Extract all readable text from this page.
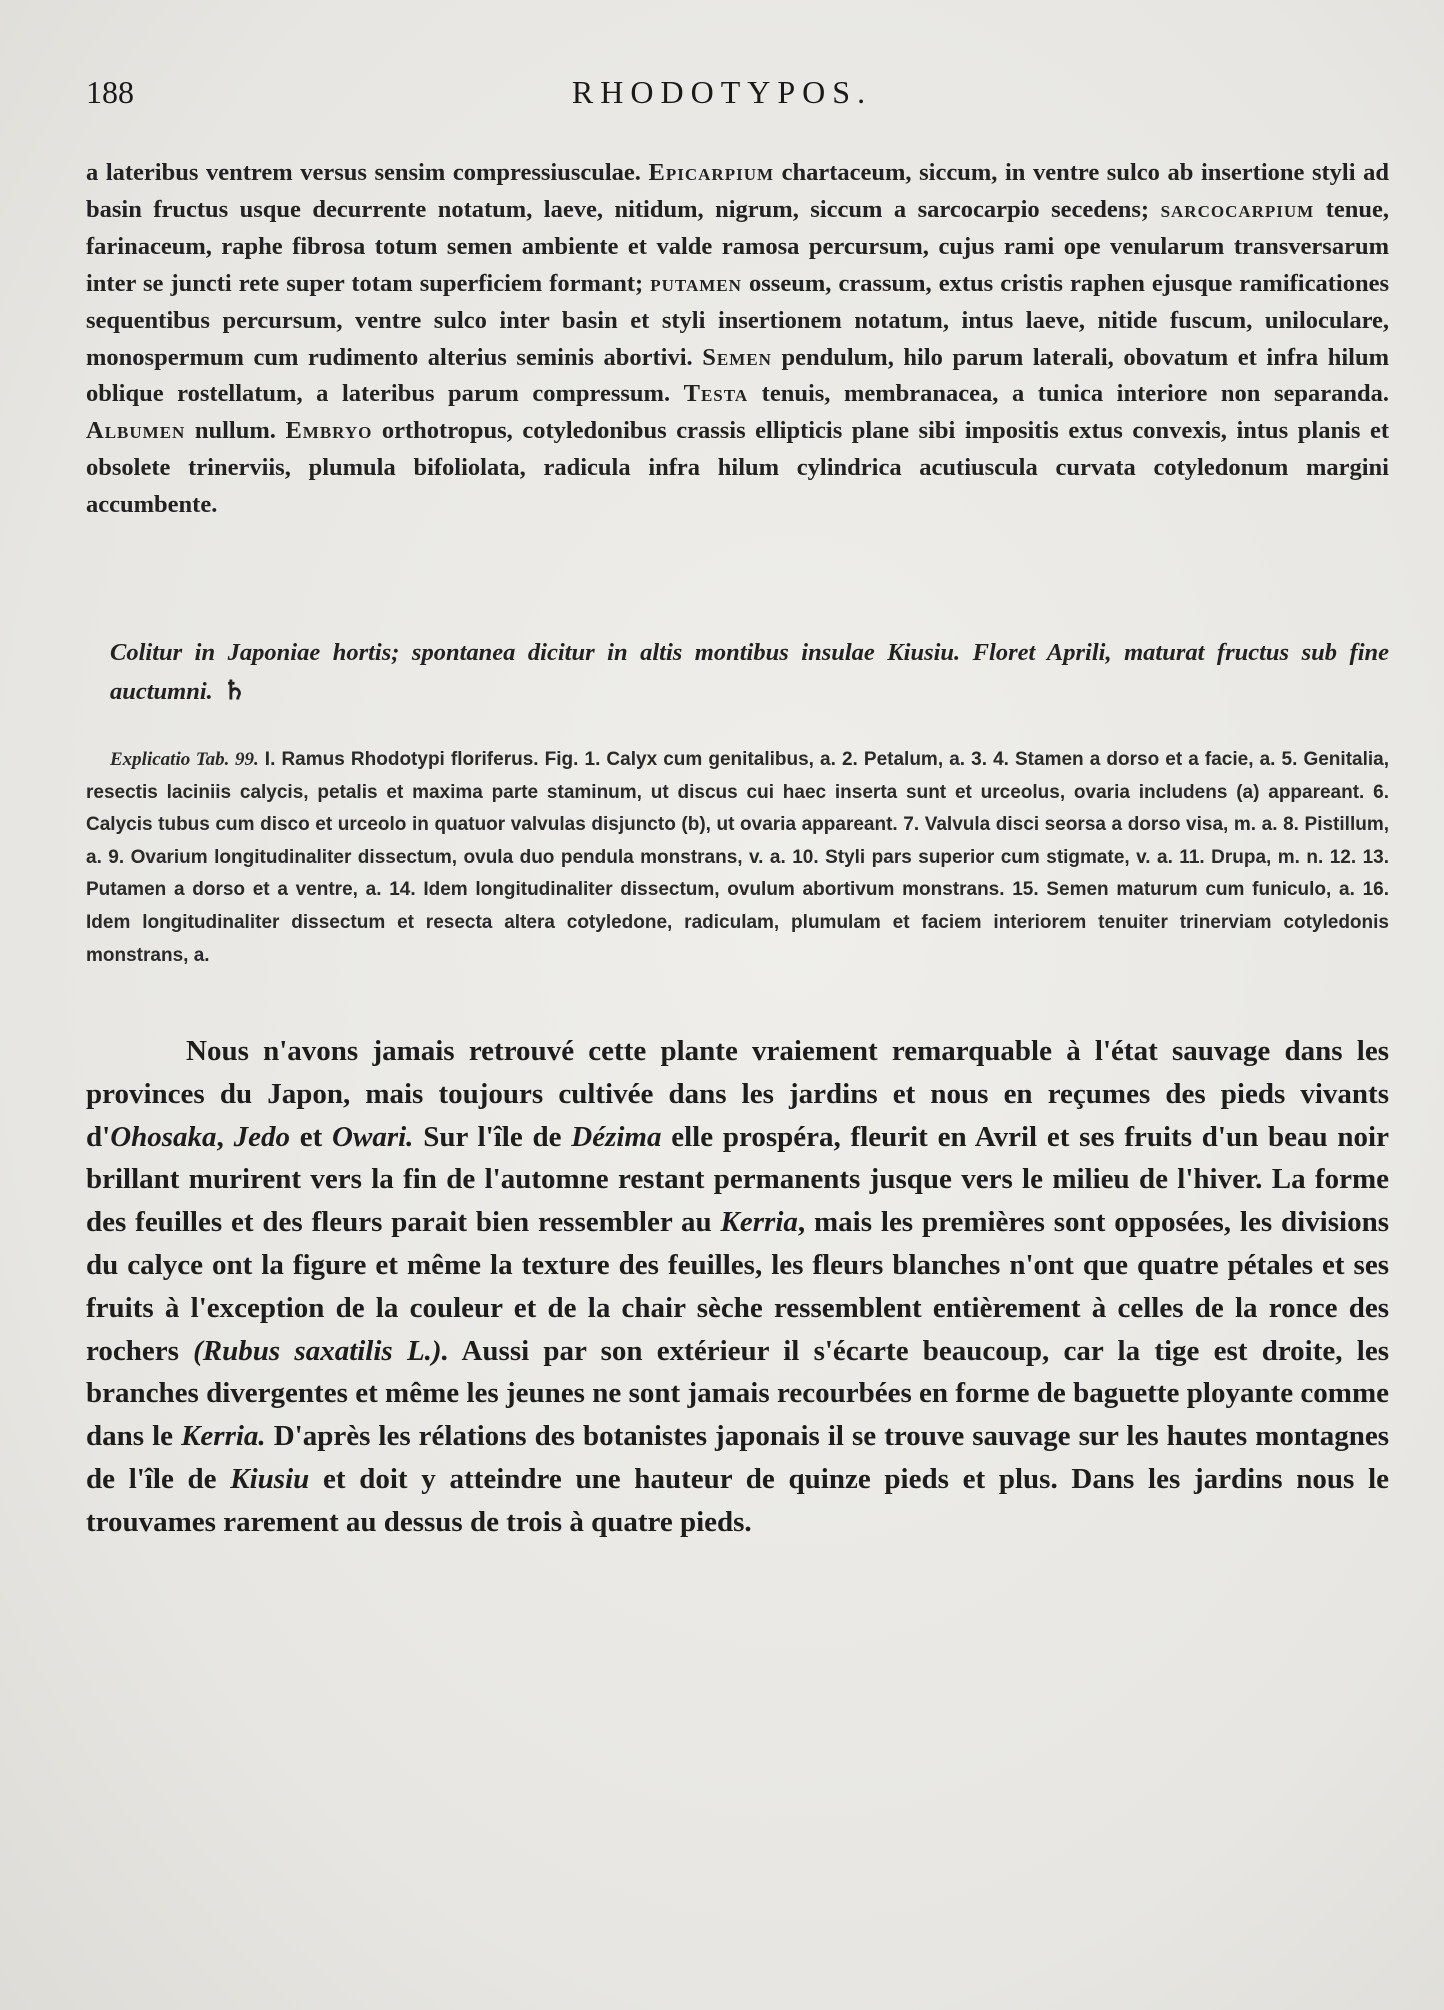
188	RHODOTYPOS.
a lateribus ventrem versus sensim compressiusculae. Epicarpium chartaceum, siccum, in ventre sulco ab insertione styli ad basin fructus usque decurrente notatum, laeve, nitidum, nigrum, siccum a sarcocarpio secedens; sarcocarpium tenue, farinaceum, raphe fibrosa totum semen ambiente et valde ramosa percursum, cujus rami ope venularum transversarum inter se juncti rete super totam superficiem formant; putamen osseum, crassum, extus cristis raphen ejusque ramificationes sequentibus percursum, ventre sulco inter basin et styli insertionem notatum, intus laeve, nitide fuscum, uniloculare, monospermum cum rudimento alterius seminis abortivi. Semen pendulum, hilo parum laterali, obovatum et infra hilum oblique rostellatum, a lateribus parum compressum. Testa tenuis, membranacea, a tunica interiore non separanda. Albumen nullum. Embryo orthotropus, cotyledonibus crassis ellipticis plane sibi impositis extus convexis, intus planis et obsolete trinerviis, plumula bifoliolata, radicula infra hilum cylindrica acutiuscula curvata cotyledonum margini accumbente.
Colitur in Japoniae hortis; spontanea dicitur in altis montibus insulae Kiusiu. Floret Aprili, maturat fructus sub fine auctumni. ♄
Explicatio Tab. 99. I. Ramus Rhodotypi floriferus. Fig. 1. Calyx cum genitalibus, a. 2. Petalum, a. 3. 4. Stamen a dorso et a facie, a. 5. Genitalia, resectis laciniis calycis, petalis et maxima parte staminum, ut discus cui haec inserta sunt et urceolus, ovaria includens (a) appareant. 6. Calycis tubus cum disco et urceolo in quatuor valvulas disjuncto (b), ut ovaria appareant. 7. Valvula disci seorsa a dorso visa, m. a. 8. Pistillum, a. 9. Ovarium longitudinaliter dissectum, ovula duo pendula monstrans, v. a. 10. Styli pars superior cum stigmate, v. a. 11. Drupa, m. n. 12. 13. Putamen a dorso et a ventre, a. 14. Idem longitudinaliter dissectum, ovulum abortivum monstrans. 15. Semen maturum cum funiculo, a. 16. Idem longitudinaliter dissectum et resecta altera cotyledone, radiculam, plumulam et faciem interiorem tenuiter trinerviam cotyledonis monstrans, a.
Nous n'avons jamais retrouvé cette plante vraiement remarquable à l'état sauvage dans les provinces du Japon, mais toujours cultivée dans les jardins et nous en reçumes des pieds vivants d'Ohosaka, Jedo et Owari. Sur l'île de Dézima elle prospéra, fleurit en Avril et ses fruits d'un beau noir brillant murirent vers la fin de l'automne restant permanents jusque vers le milieu de l'hiver. La forme des feuilles et des fleurs parait bien ressembler au Kerria, mais les premières sont opposées, les divisions du calyce ont la figure et même la texture des feuilles, les fleurs blanches n'ont que quatre pétales et ses fruits à l'exception de la couleur et de la chair sèche ressemblent entièrement à celles de la ronce des rochers (Rubus saxatilis L.). Aussi par son extérieur il s'écarte beaucoup, car la tige est droite, les branches divergentes et même les jeunes ne sont jamais recourbées en forme de baguette ployante comme dans le Kerria. D'après les rélations des botanistes japonais il se trouve sauvage sur les hautes montagnes de l'île de Kiusiu et doit y atteindre une hauteur de quinze pieds et plus. Dans les jardins nous le trouvames rarement au dessus de trois à quatre pieds.
